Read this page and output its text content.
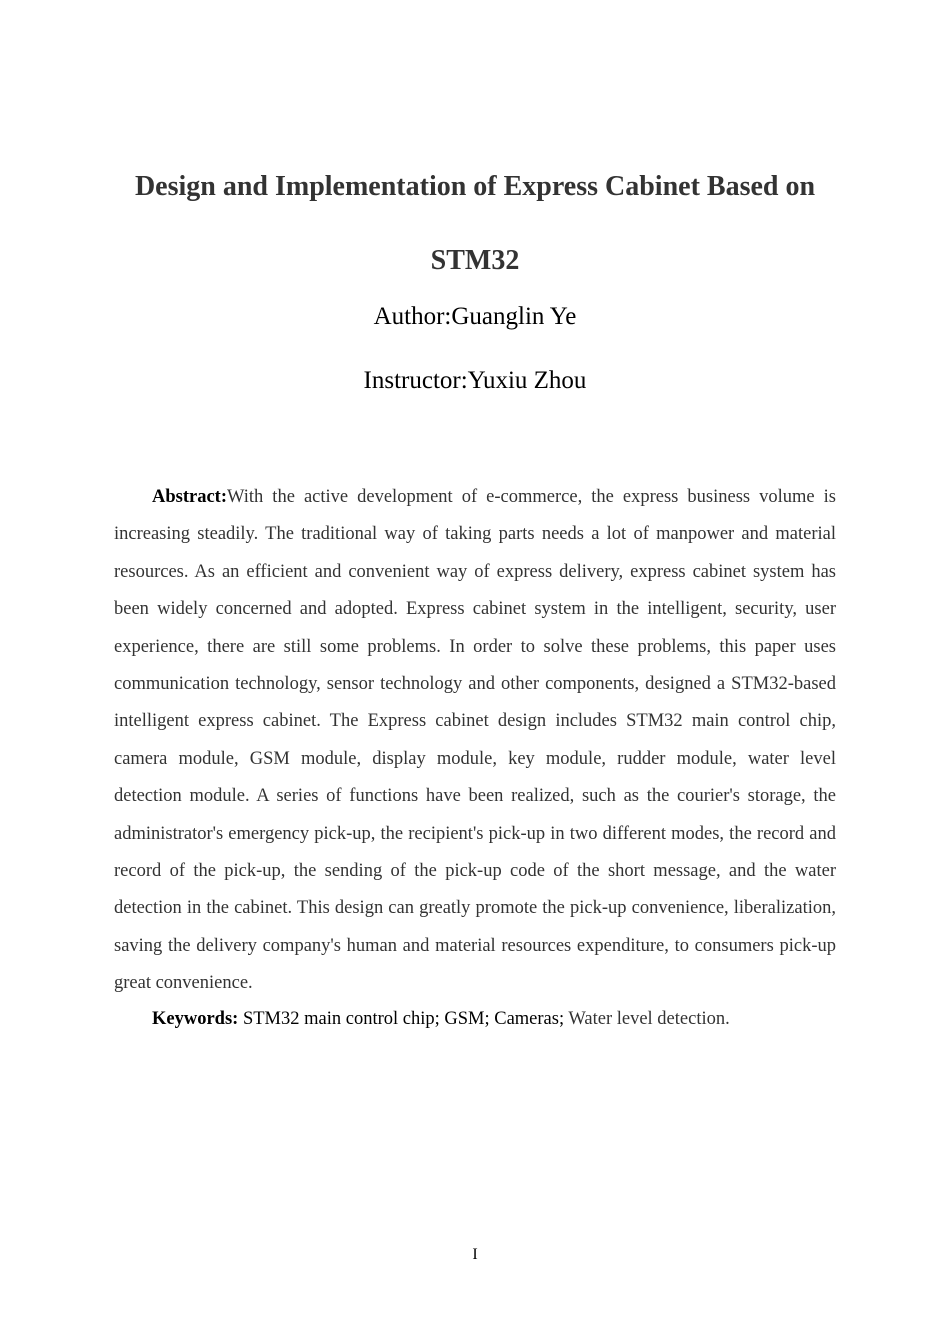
Design and Implementation of Express Cabinet Based on
STM32
Author:Guanglin Ye
Instructor:Yuxiu Zhou

Abstract:With the active development of e-commerce, the express business volume is increasing steadily. The traditional way of taking parts needs a lot of manpower and material resources. As an efficient and convenient way of express delivery, express cabinet system has been widely concerned and adopted. Express cabinet system in the intelligent, security, user experience, there are still some problems. In order to solve these problems, this paper uses communication technology, sensor technology and other components, designed a STM32-based intelligent express cabinet. The Express cabinet design includes STM32 main control chip, camera module, GSM module, display module, key module, rudder module, water level detection module. A series of functions have been realized, such as the courier's storage, the administrator's emergency pick-up, the recipient's pick-up in two different modes, the record and record of the pick-up, the sending of the pick-up code of the short message, and the water detection in the cabinet. This design can greatly promote the pick-up convenience, liberalization, saving the delivery company's human and material resources expenditure, to consumers pick-up great convenience.

Keywords: STM32 main control chip; GSM; Cameras; Water level detection.

I
